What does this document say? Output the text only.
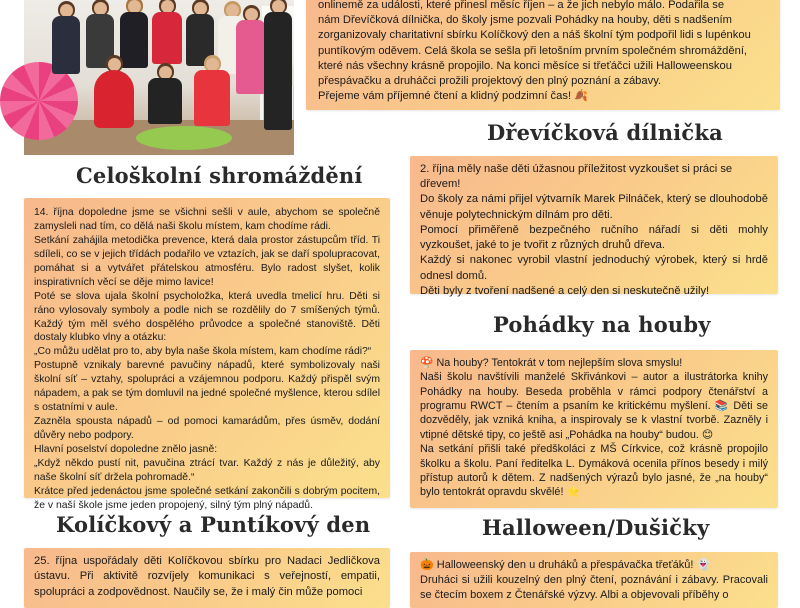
onlinemě za události, které přinesl měsíc říjen – a že jich nebylo málo. Podařila se
nám Dřevíčková dílnička, do školy jsme pozvali Pohádky na houby, děti s nadšením
zorganizovaly charitativní sbírku Kolíčkový den a náš školní tým podpořil lidi s lupénkou
puntíkovým oděvem. Celá škola se sešla při letošním prvním společném shromáždění,
které nás všechny krásně propojilo. Na konci měsíce si třeťáčci užili Halloweenskou
přespávačku a druháčci prožili projektový den plný poznání a zábavy.
Přejeme vám příjemné čtení a klidný podzimní čas! 🍂
Celoškolní shromáždění
Dřevíčková dílnička
Pohádky na houby
Kolíčkový a Puntíkový den	Halloween/Dušičky

14. října dopoledne jsme se všichni sešli v aule, abychom se společně zamysleli nad tím, co dělá naši školu místem, kam chodíme rádi.

Setkání zahájila metodička prevence, která dala prostor zástupcům tříd. Ti sdíleli, co se v jejich třídách podařilo ve vztazích, jak se daří spolupracovat, pomáhat si a vytvářet přátelskou atmosféru. Bylo radost slyšet, kolik inspirativních věcí se děje mimo lavice!

Poté se slova ujala školní psycholožka, která uvedla tmelicí hru. Děti si ráno vylosovaly symboly a podle nich se rozdělily do 7 smíšených týmů. Každý tým měl svého dospělého průvodce a společné stanoviště. Děti dostaly klubko vlny a otázku:

„Co můžu udělat pro to, aby byla naše škola místem, kam chodíme rádi?“

Postupně vznikaly barevné pavučiny nápadů, které symbolizovaly naši školní síť – vztahy, spolupráci a vzájemnou podporu. Každý přispěl svým nápadem, a pak se tým domluvil na jedné společné myšlence, kterou sdílel s ostatními v aule.

Zazněla spousta nápadů – od pomoci kamarádům, přes úsměv, dodání důvěry nebo podpory.

Hlavní poselství dopoledne znělo jasně:

„Když někdo pustí nit, pavučina ztrácí tvar. Každý z nás je důležitý, aby naše školní síť držela pohromadě.“

Krátce před jedenáctou jsme společné setkání zakončili s dobrým pocitem, že v naší škole jsme jeden propojený, silný tým plný nápadů.

2. října měly naše děti úžasnou příležitost vyzkoušet si práci se dřevem!

Do školy za námi přijel výtvarník Marek Pilnáček, který se dlouhodobě věnuje polytechnickým dílnám pro děti.

Pomocí přiměřeně bezpečného ručního nářadí si děti mohly vyzkoušet, jaké to je tvořit z různých druhů dřeva.

Každý si nakonec vyrobil vlastní jednoduchý výrobek, který si hrdě odnesl domů.

Děti byly z tvoření nadšené a celý den si neskutečně užily!

🍄 Na houby? Tentokrát v tom nejlepším slova smyslu!

Naši školu navštívili manželé Skřivánkovi – autor a ilustrátorka knihy Pohádky na houby. Beseda proběhla v rámci podpory čtenářství a programu RWCT – čtením a psaním ke kritickému myšlení. 📚 Děti se dozvěděly, jak vzniká kniha, a inspirovaly se k vlastní tvorbě. Zazněly i vtipné dětské tipy, co ještě asi „Pohádka na houby“ budou. 😊

Na setkání přišli také předškoláci z MŠ Církvice, což krásně propojilo školku a školu. Paní ředitelka L. Dymáková ocenila přínos besedy i milý přístup autorů k dětem. Z nadšených výrazů bylo jasné, že „na houby“ bylo tentokrát opravdu skvělé! ⭐

25. října uspořádaly děti Kolíčkovou sbírku pro Nadaci Jedličkova ústavu. Při aktivitě rozvíjely komunikaci s veřejností, empatii, spolupráci a zodpovědnost. Naučily se, že i malý čin může pomoci

🎃 Halloweenský den u druháků a přespávačka třeťáků! 👻

Druháci si užili kouzelný den plný čtení, poznávání i zábavy. Pracovali se čtecím boxem z Čtenářské výzvy. Albi a objevovali příběhy o
